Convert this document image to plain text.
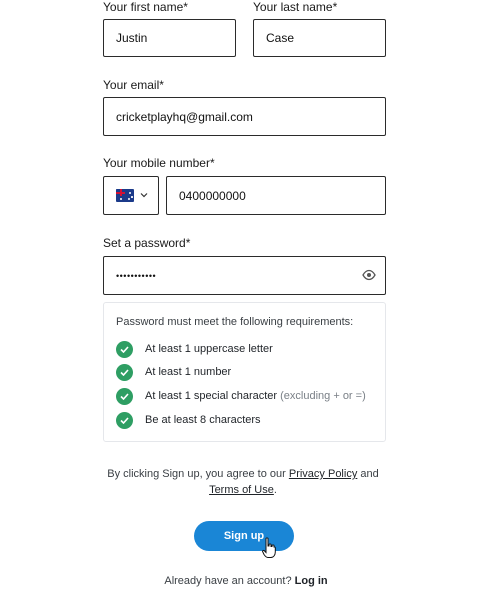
Your first name*
Justin
Your last name*
Case
Your email*
cricketplayhq@gmail.com
Your mobile number*
0400000000
Set a password*
•••••••••••
Password must meet the following requirements:
At least 1 uppercase letter
At least 1 number
At least 1 special character (excluding + or =)
Be at least 8 characters
By clicking Sign up, you agree to our Privacy Policy and
Terms of Use.
Sign up
Already have an account? Log in
